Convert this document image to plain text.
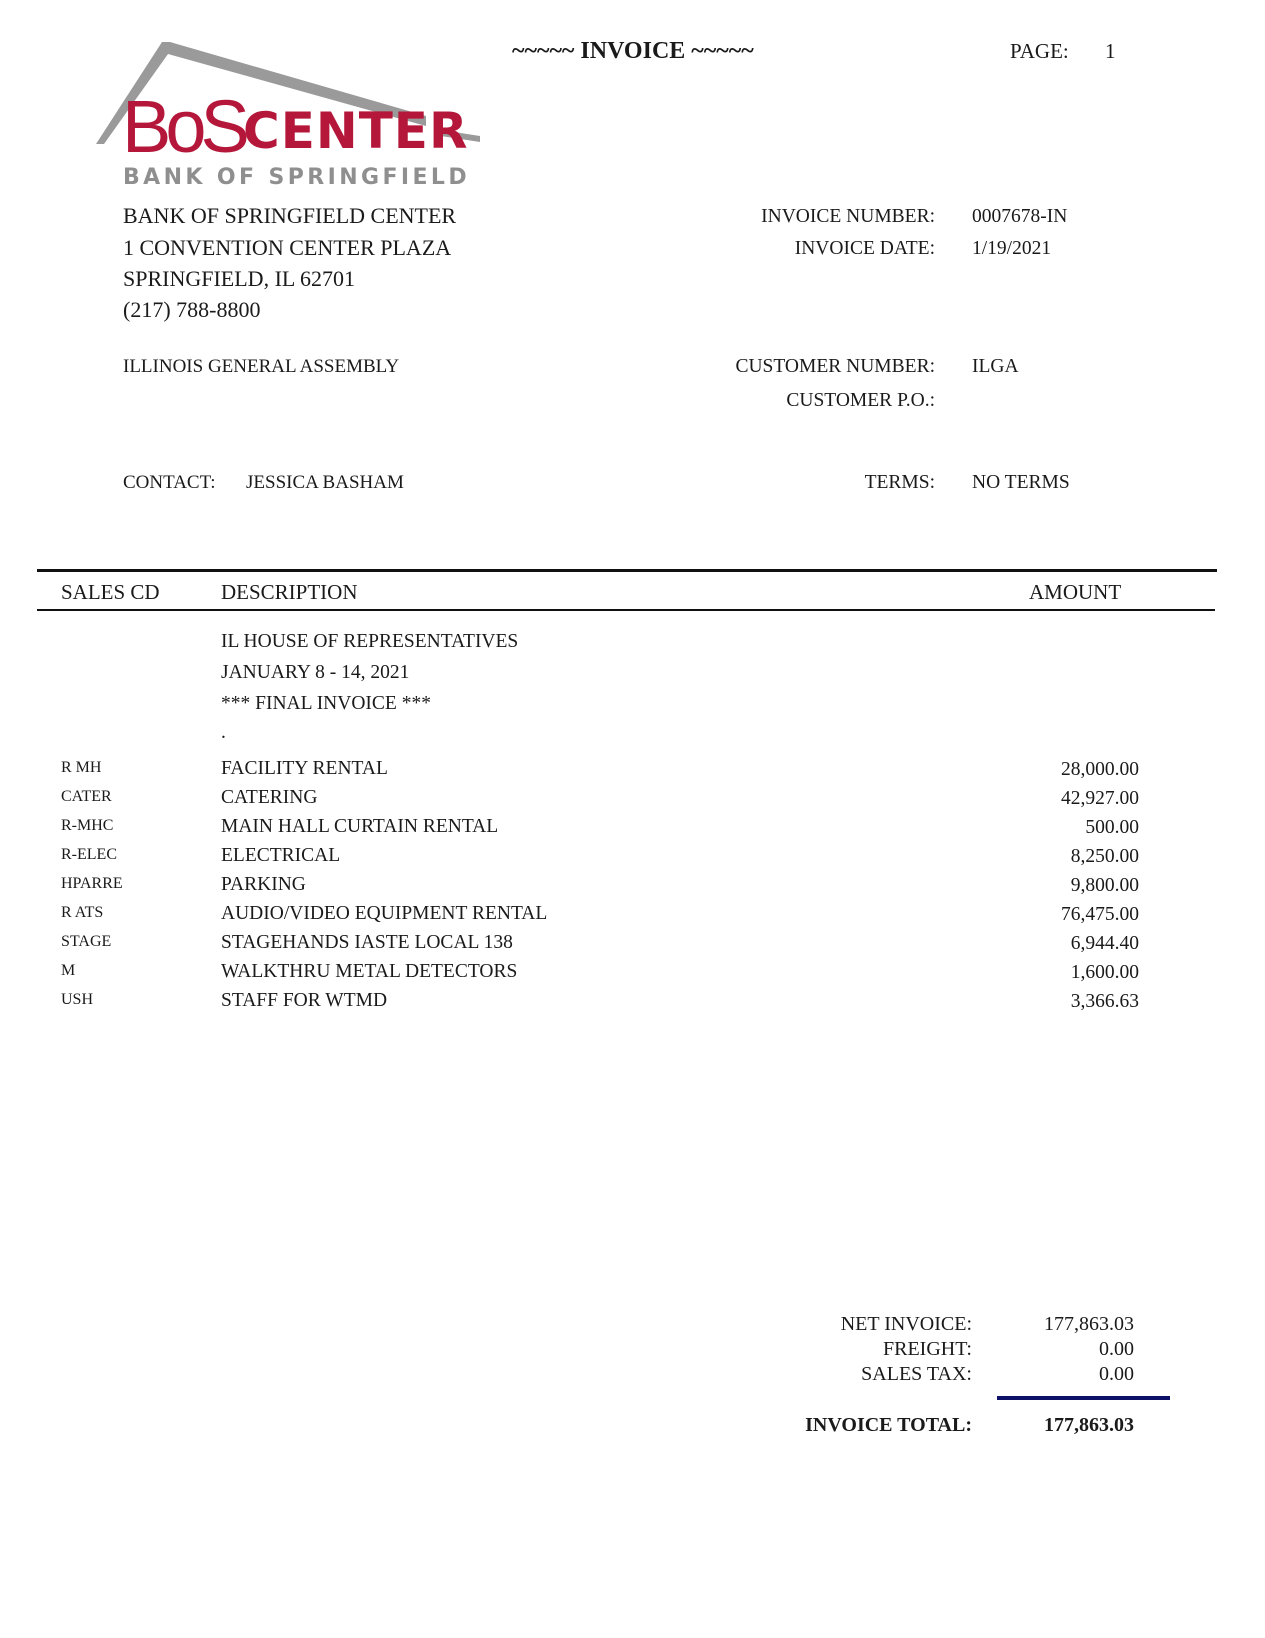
BoS CENTER
BANK OF SPRINGFIELD
~~~~~ INVOICE ~~~~~	PAGE: 1
BANK OF SPRINGFIELD CENTER
1 CONVENTION CENTER PLAZA
SPRINGFIELD, IL 62701
(217) 788-8800
INVOICE NUMBER: 0007678-IN
INVOICE DATE: 1/19/2021
ILLINOIS GENERAL ASSEMBLY	CUSTOMER NUMBER: ILGA
CUSTOMER P.O.:
CONTACT: JESSICA BASHAM	TERMS: NO TERMS
SALES CD	DESCRIPTION	AMOUNT
IL HOUSE OF REPRESENTATIVES
JANUARY 8 - 14, 2021
*** FINAL INVOICE ***
.
R MH	FACILITY RENTAL	28,000.00
CATER	CATERING	42,927.00
R-MHC	MAIN HALL CURTAIN RENTAL	500.00
R-ELEC	ELECTRICAL	8,250.00
HPARRE	PARKING	9,800.00
R ATS	AUDIO/VIDEO EQUIPMENT RENTAL	76,475.00
STAGE	STAGEHANDS IASTE LOCAL 138	6,944.40
M	WALKTHRU METAL DETECTORS	1,600.00
USH	STAFF FOR WTMD	3,366.63
NET INVOICE:	177,863.03
FREIGHT:	0.00
SALES TAX:	0.00
INVOICE TOTAL:	177,863.03
